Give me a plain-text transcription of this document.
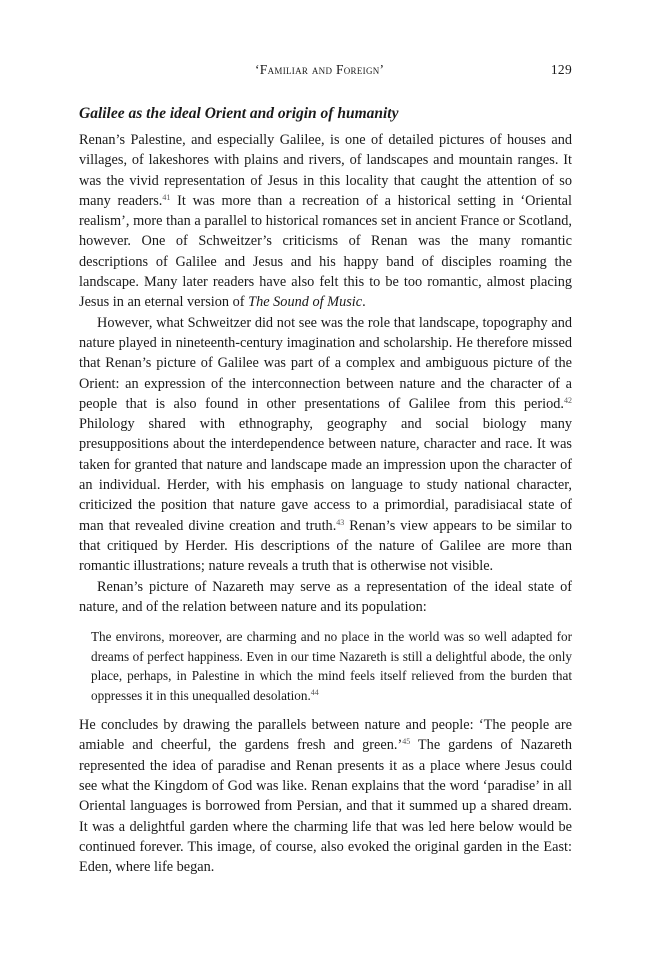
‘Familiar and Foreign’	129
Galilee as the ideal Orient and origin of humanity

Renan’s Palestine, and especially Galilee, is one of detailed pictures of houses and villages, of lakeshores with plains and rivers, of landscapes and mountain ranges. It was the vivid representation of Jesus in this locality that caught the attention of so many readers.$^{41}$ It was more than a recreation of a historical setting in ‘Oriental realism’, more than a parallel to historical romances set in ancient France or Scotland, however. One of Schweitzer’s criticisms of Renan was the many romantic descriptions of Galilee and Jesus and his happy band of disciples roaming the landscape. Many later readers have also felt this to be too romantic, almost placing Jesus in an eternal version of The Sound of Music.

However, what Schweitzer did not see was the role that landscape, topography and nature played in nineteenth-century imagination and scholarship. He therefore missed that Renan’s picture of Galilee was part of a complex and ambiguous picture of the Orient: an expression of the interconnection between nature and the character of a people that is also found in other presentations of Galilee from this period.$^{42}$ Philology shared with ethnography, geography and social biology many presuppositions about the interdependence between nature, character and race. It was taken for granted that nature and landscape made an impression upon the character of an individual. Herder, with his emphasis on language to study national character, criticized the position that nature gave access to a primordial, paradisiacal state of man that revealed divine creation and truth.$^{43}$ Renan’s view appears to be similar to that critiqued by Herder. His descriptions of the nature of Galilee are more than romantic illustrations; nature reveals a truth that is otherwise not visible.

Renan’s picture of Nazareth may serve as a representation of the ideal state of nature, and of the relation between nature and its population:

The environs, moreover, are charming and no place in the world was so well adapted for dreams of perfect happiness. Even in our time Nazareth is still a delightful abode, the only place, perhaps, in Palestine in which the mind feels itself relieved from the burden that oppresses it in this unequalled desolation.$^{44}$

He concludes by drawing the parallels between nature and people: ‘The people are amiable and cheerful, the gardens fresh and green.’$^{45}$ The gardens of Nazareth represented the idea of paradise and Renan presents it as a place where Jesus could see what the Kingdom of God was like. Renan explains that the word ‘paradise’ in all Oriental languages is borrowed from Persian, and that it summed up a shared dream. It was a delightful garden where the charming life that was led here below would be continued forever. This image, of course, also evoked the original garden in the East: Eden, where life began.
